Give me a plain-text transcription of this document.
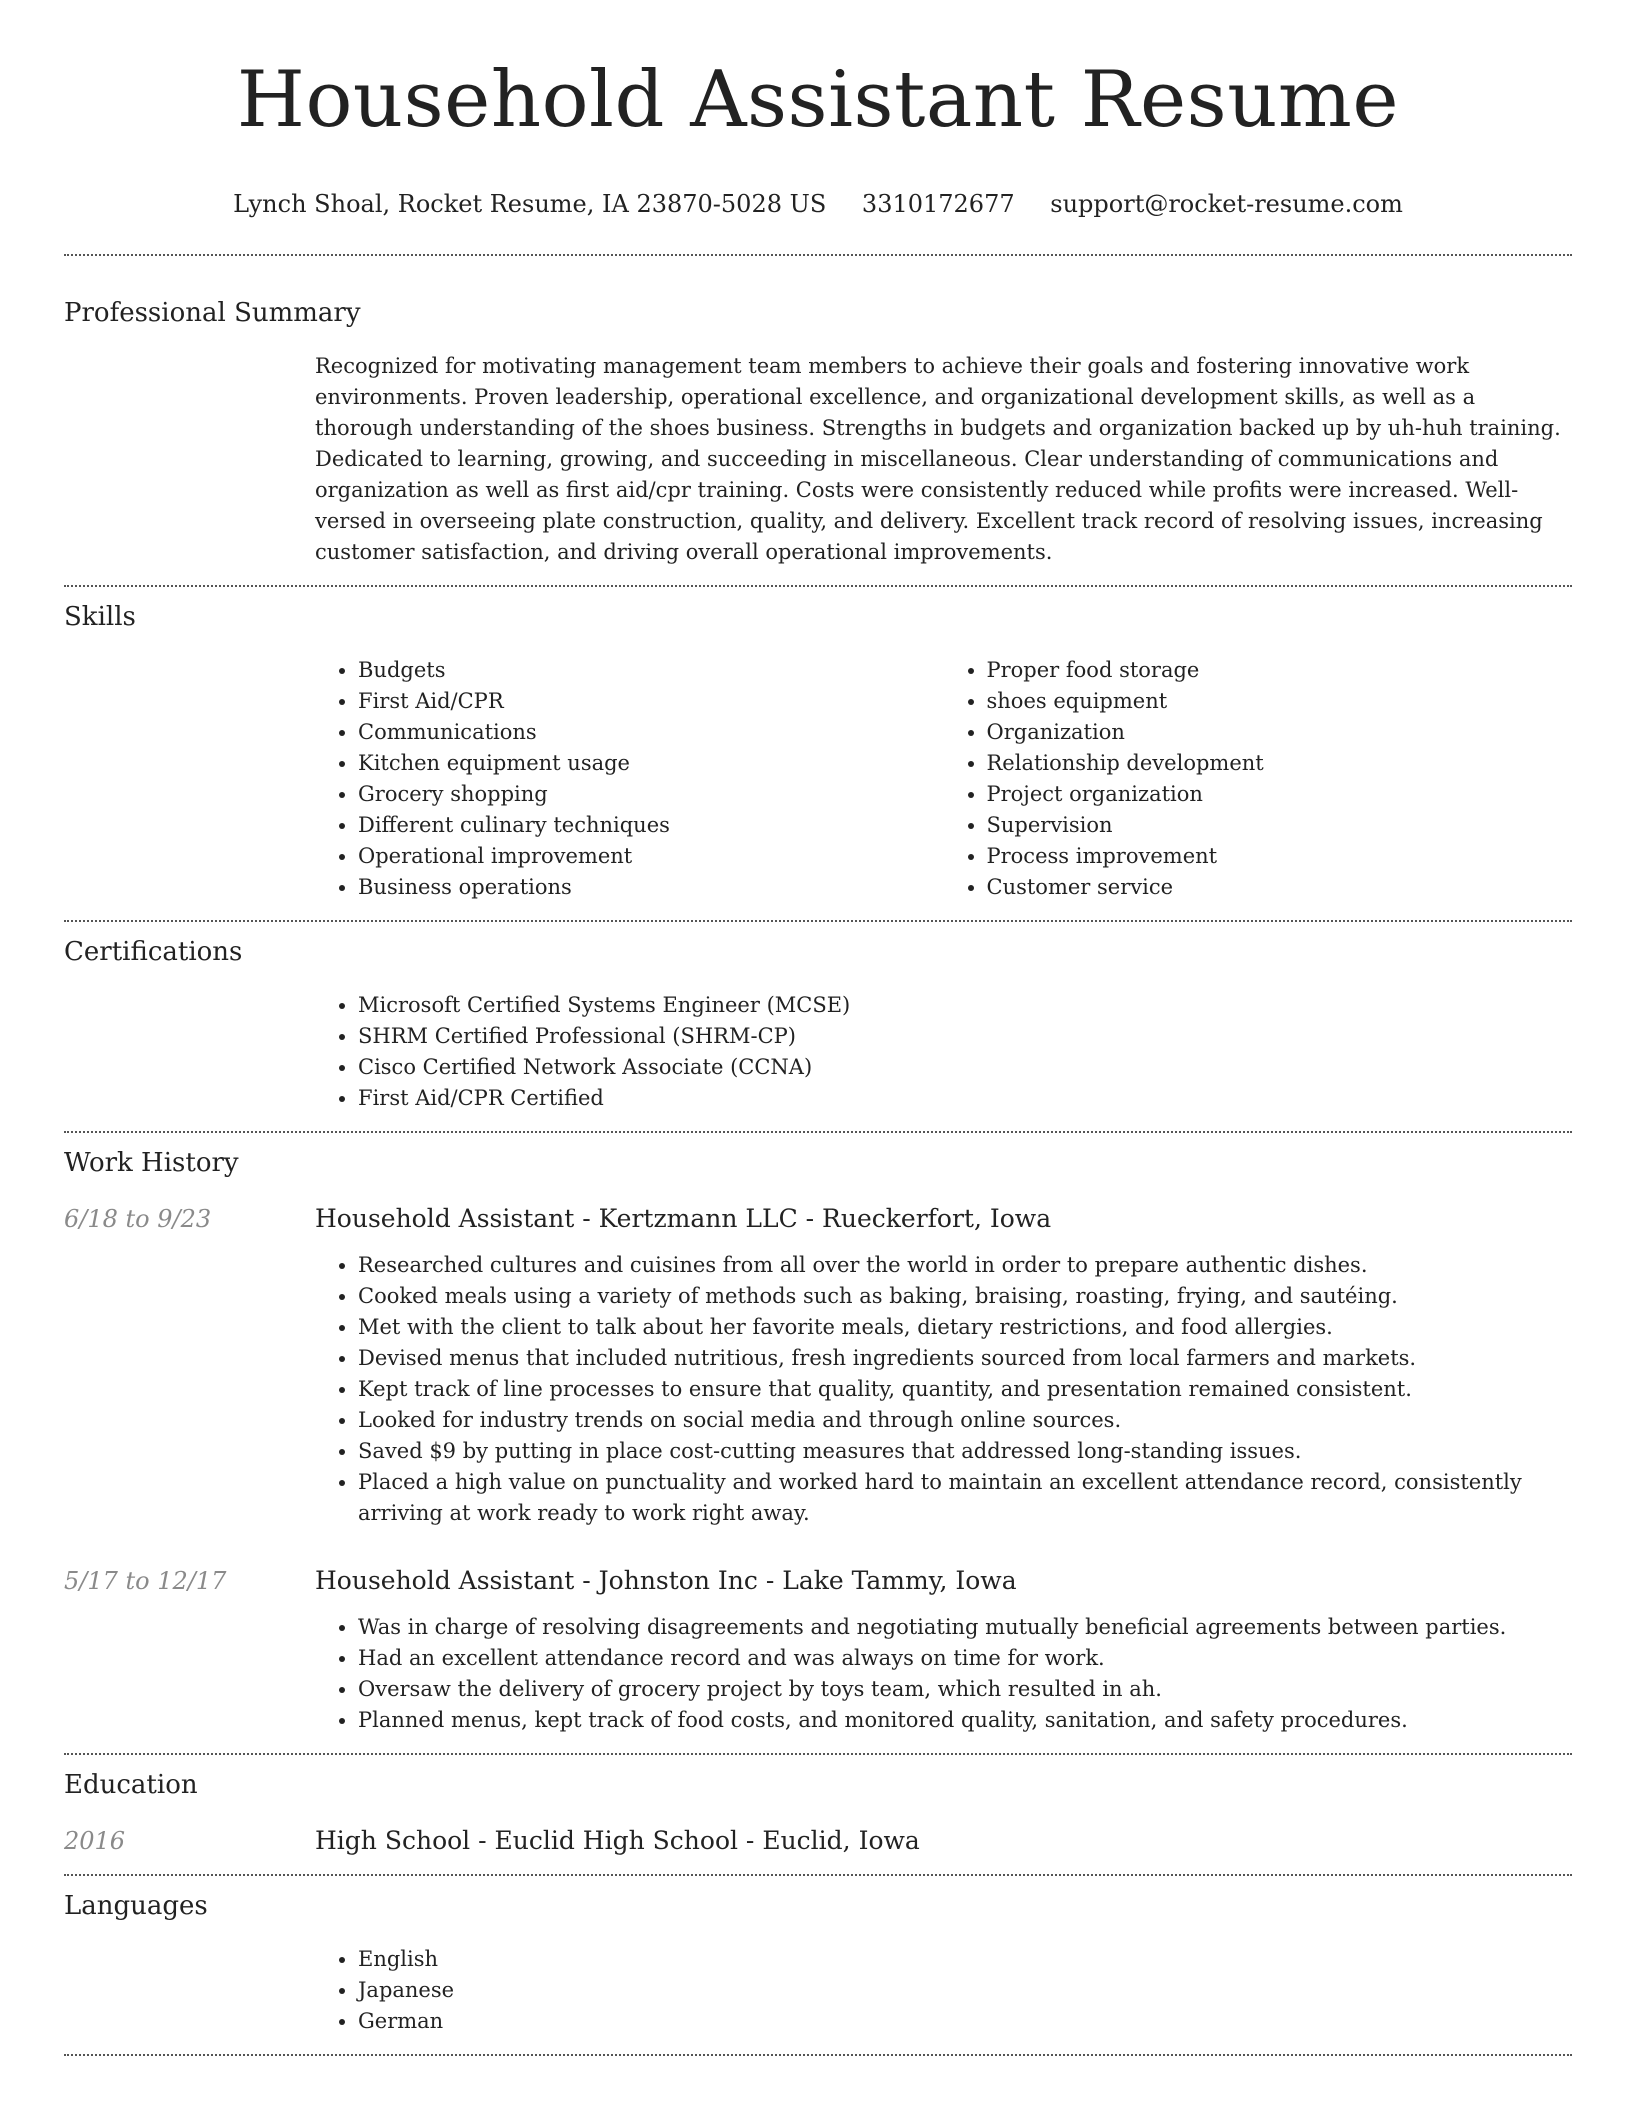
Household Assistant Resume
Lynch Shoal, Rocket Resume, IA 23870-5028 US 3310172677 support@rocket-resume.com
Professional Summary

Recognized for motivating management team members to achieve their goals and fostering innovative work environments. Proven leadership, operational excellence, and organizational development skills, as well as a thorough understanding of the shoes business. Strengths in budgets and organization backed up by uh-huh training. Dedicated to learning, growing, and succeeding in miscellaneous. Clear understanding of communications and organization as well as first aid/cpr training. Costs were consistently reduced while profits were increased. Well-versed in overseeing plate construction, quality, and delivery. Excellent track record of resolving issues, increasing customer satisfaction, and driving overall operational improvements.

Skills
• Budgets
• First Aid/CPR
• Communications
• Kitchen equipment usage
• Grocery shopping
• Different culinary techniques
• Operational improvement
• Business operations
• Proper food storage
• shoes equipment
• Organization
• Relationship development
• Project organization
• Supervision
• Process improvement
• Customer service
Certifications
• Microsoft Certified Systems Engineer (MCSE)
• SHRM Certified Professional (SHRM-CP)
• Cisco Certified Network Associate (CCNA)
• First Aid/CPR Certified
Work History
6/18 to 9/23	Household Assistant - Kertzmann LLC - Rueckerfort, Iowa
• Researched cultures and cuisines from all over the world in order to prepare authentic dishes.
• Cooked meals using a variety of methods such as baking, braising, roasting, frying, and sautéing.
• Met with the client to talk about her favorite meals, dietary restrictions, and food allergies.
• Devised menus that included nutritious, fresh ingredients sourced from local farmers and markets.
• Kept track of line processes to ensure that quality, quantity, and presentation remained consistent.
• Looked for industry trends on social media and through online sources.
• Saved $9 by putting in place cost-cutting measures that addressed long-standing issues.
• Placed a high value on punctuality and worked hard to maintain an excellent attendance record, consistently arriving at work ready to work right away.
5/17 to 12/17	Household Assistant - Johnston Inc - Lake Tammy, Iowa
• Was in charge of resolving disagreements and negotiating mutually beneficial agreements between parties.
• Had an excellent attendance record and was always on time for work.
• Oversaw the delivery of grocery project by toys team, which resulted in ah.
• Planned menus, kept track of food costs, and monitored quality, sanitation, and safety procedures.
Education
2016	High School - Euclid High School - Euclid, Iowa
Languages
• English
• Japanese
• German
